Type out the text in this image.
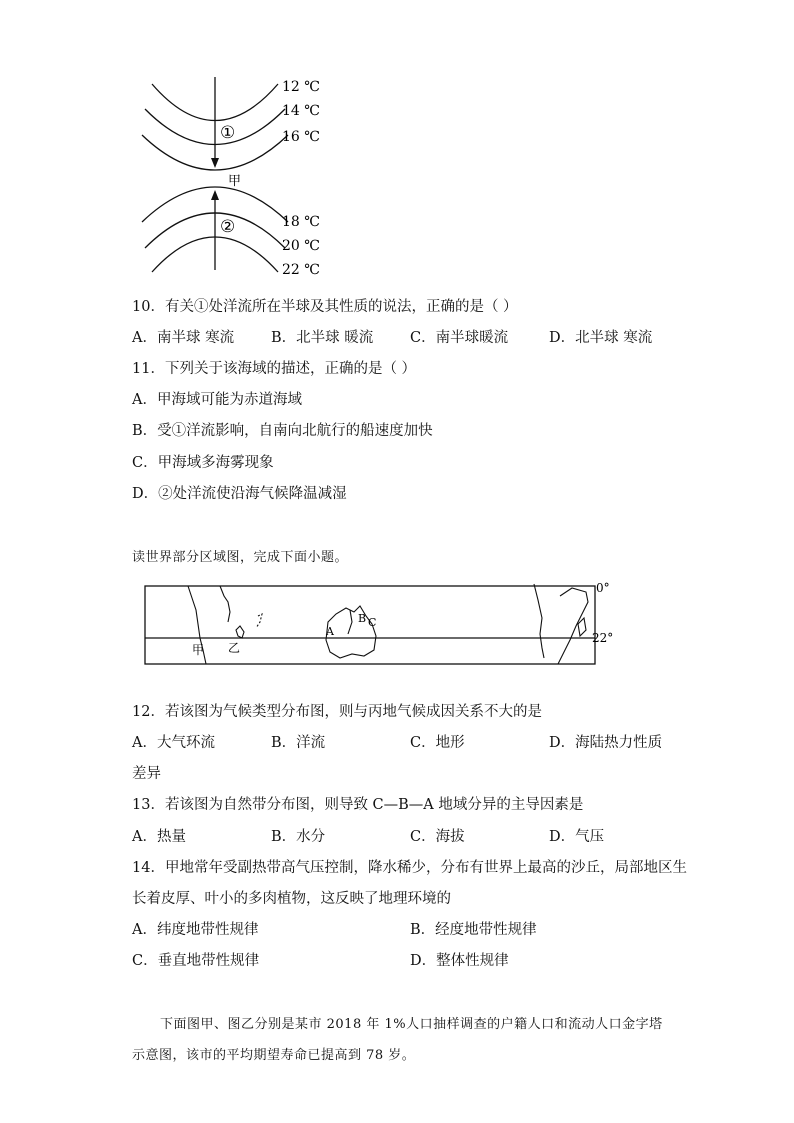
①
②
甲
12 ℃
14 ℃
16 ℃
18 ℃
20 ℃
22 ℃
10．有关①处洋流所在半球及其性质的说法，正确的是（ ）
A．南半球 寒流	B．北半球 暖流	C．南半球暖流	D．北半球 寒流
11．下列关于该海域的描述，正确的是（ ）
A．甲海域可能为赤道海域
B．受①洋流影响，自南向北航行的船速度加快
C．甲海域多海雾现象
D．②处洋流使沿海气候降温减湿
读世界部分区域图，完成下面小题。
甲 乙
A
B C
0°
22°
12．若该图为气候类型分布图，则与丙地气候成因关系不大的是
A．大气环流	B．洋流	C．地形	D．海陆热力性质
差异
13．若该图为自然带分布图，则导致 C—B—A 地域分异的主导因素是
A．热量	B．水分	C．海拔	D．气压
14．甲地常年受副热带高气压控制，降水稀少，分布有世界上最高的沙丘，局部地区生
长着皮厚、叶小的多肉植物，这反映了地理环境的
A．纬度地带性规律	B．经度地带性规律
C．垂直地带性规律	D．整体性规律
下面图甲、图乙分别是某市 2018 年 1%人口抽样调查的户籍人口和流动人口金字塔
示意图，该市的平均期望寿命已提高到 78 岁。
